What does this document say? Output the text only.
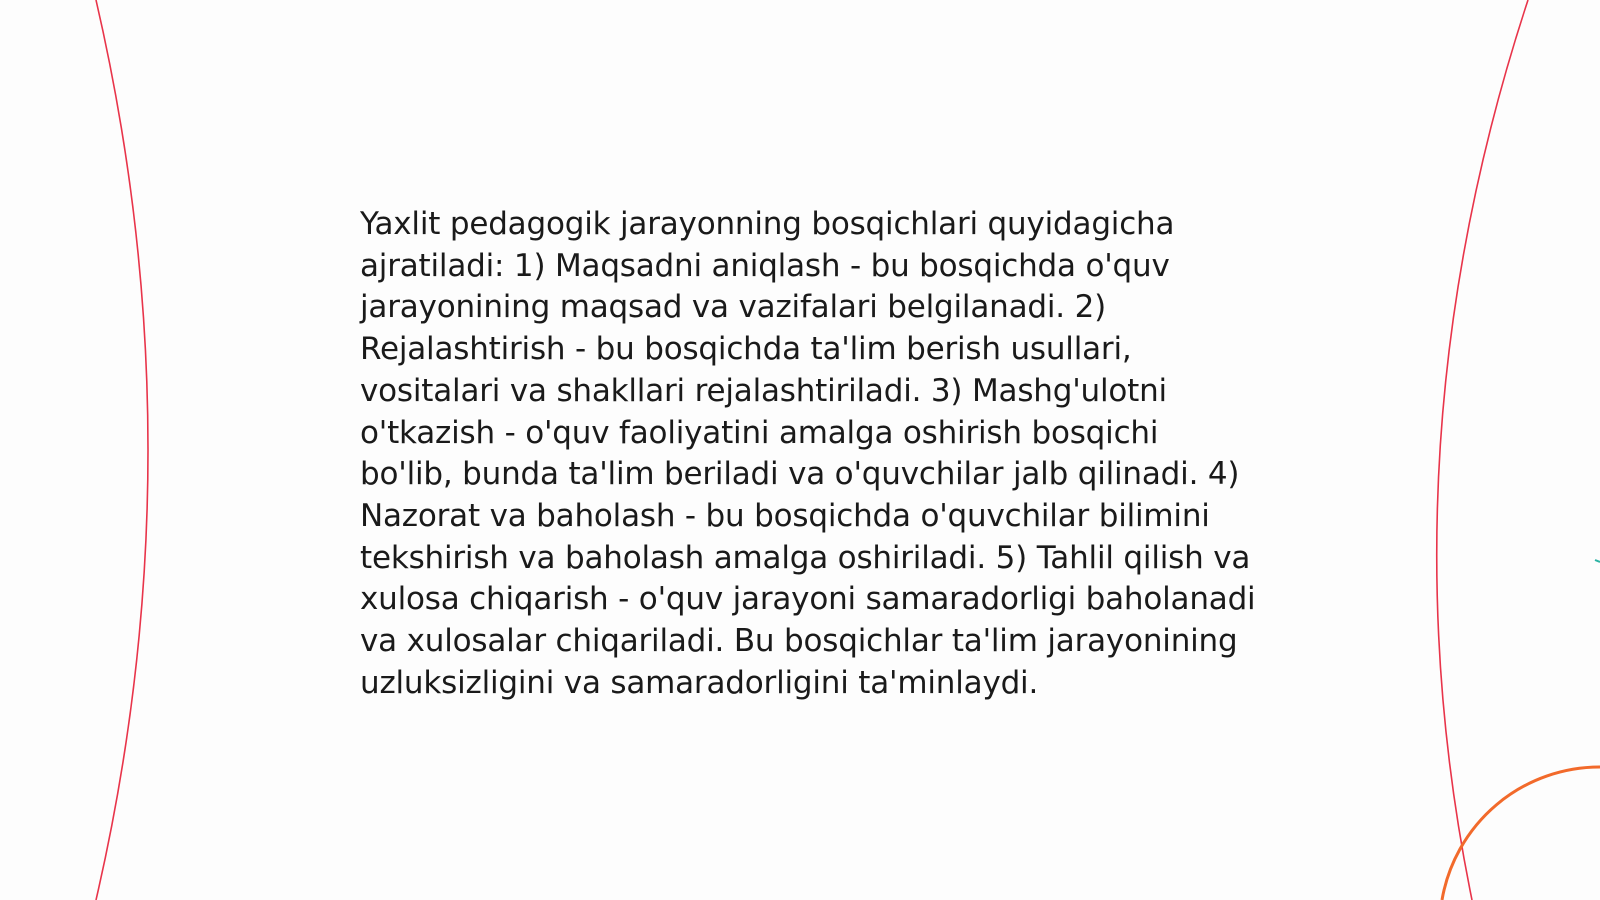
Yaxlit pedagogik jarayonning bosqichlari quyidagicha ajratiladi: 1) Maqsadni aniqlash - bu bosqichda o'quv jarayonining maqsad va vazifalari belgilanadi. 2) Rejalashtirish - bu bosqichda ta'lim berish usullari, vositalari va shakllari rejalashtiriladi. 3) Mashg'ulotni o'tkazish - o'quv faoliyatini amalga oshirish bosqichi bo'lib, bunda ta'lim beriladi va o'quvchilar jalb qilinadi. 4) Nazorat va baholash - bu bosqichda o'quvchilar bilimini tekshirish va baholash amalga oshiriladi. 5) Tahlil qilish va xulosa chiqarish - o'quv jarayoni samaradorligi baholanadi va xulosalar chiqariladi. Bu bosqichlar ta'lim jarayonining uzluksizligini va samaradorligini ta'minlaydi.
